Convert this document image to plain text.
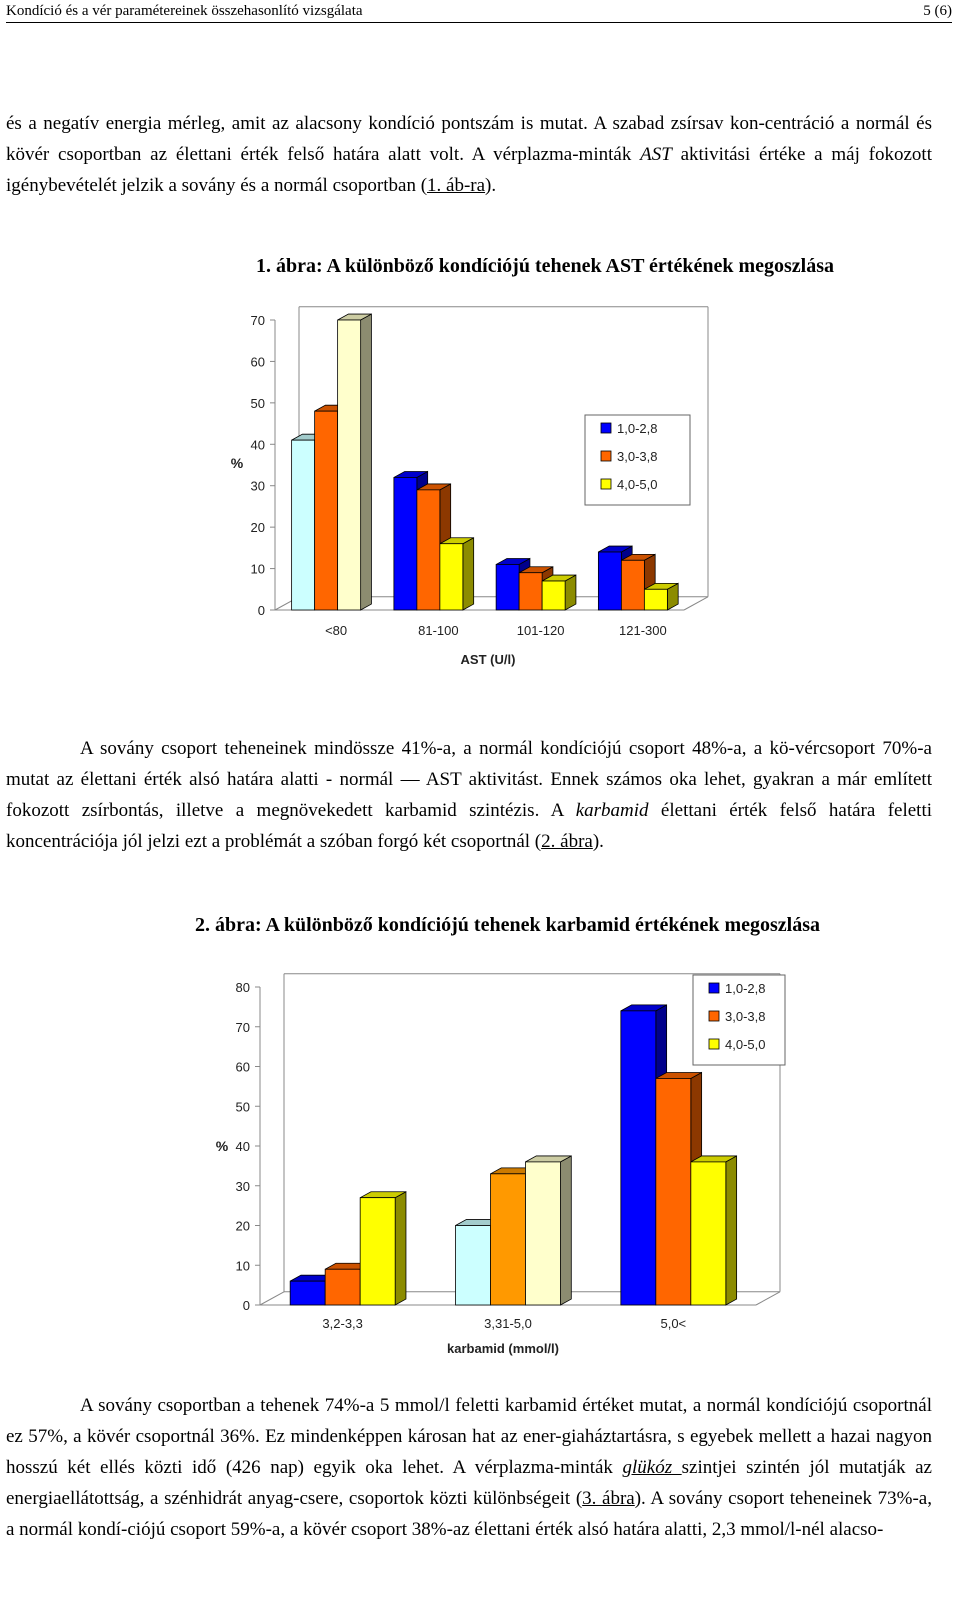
Kondíció és a vér paramétereinek összehasonlító vizsgálata	5 (6)

és a negatív energia mérleg, amit az alacsony kondíció pontszám is mutat. A szabad zsírsav kon-centráció a normál és kövér csoportban az élettani érték felső határa alatt volt. A vérplazma-minták AST aktivitási értéke a máj fokozott igénybevételét jelzik a sovány és a normál csoportban (1. áb-ra).

1. ábra: A különböző kondíciójú tehenek AST értékének megoszlása
0
10
20
30
40
50
60
70
%
<80	81-100	101-120	121-300
AST (U/l)
1,0-2,8
3,0-3,8
4,0-5,0

A sovány csoport teheneinek mindössze 41%-a, a normál kondíciójú csoport 48%-a, a kö-vércsoport 70%-a mutat az élettani érték alsó határa alatti - normál — AST aktivitást. Ennek számos oka lehet, gyakran a már említett fokozott zsírbontás, illetve a megnövekedett karbamid szintézis. A karbamid élettani érték felső határa feletti koncentrációja jól jelzi ezt a problémát a szóban forgó két csoportnál (2. ábra).

2. ábra: A különböző kondíciójú tehenek karbamid értékének megoszlása
0
10
20
30
40
50
60
70
80
%
3,2-3,3	3,31-5,0	5,0<
karbamid (mmol/l)
1,0-2,8
3,0-3,8
4,0-5,0

A sovány csoportban a tehenek 74%-a 5 mmol/l feletti karbamid értéket mutat, a normál kondíciójú csoportnál ez 57%, a kövér csoportnál 36%. Ez mindenképpen károsan hat az ener-giaháztartásra, s egyebek mellett a hazai nagyon hosszú két ellés közti idő (426 nap) egyik oka lehet. A vérplazma-minták glükóz szintjei szintén jól mutatják az energiaellátottság, a szénhidrát anyag-csere, csoportok közti különbségeit (3. ábra). A sovány csoport teheneinek 73%-a, a normál kondí-ciójú csoport 59%-a, a kövér csoport 38%-az élettani érték alsó határa alatti, 2,3 mmol/l-nél alacso-
